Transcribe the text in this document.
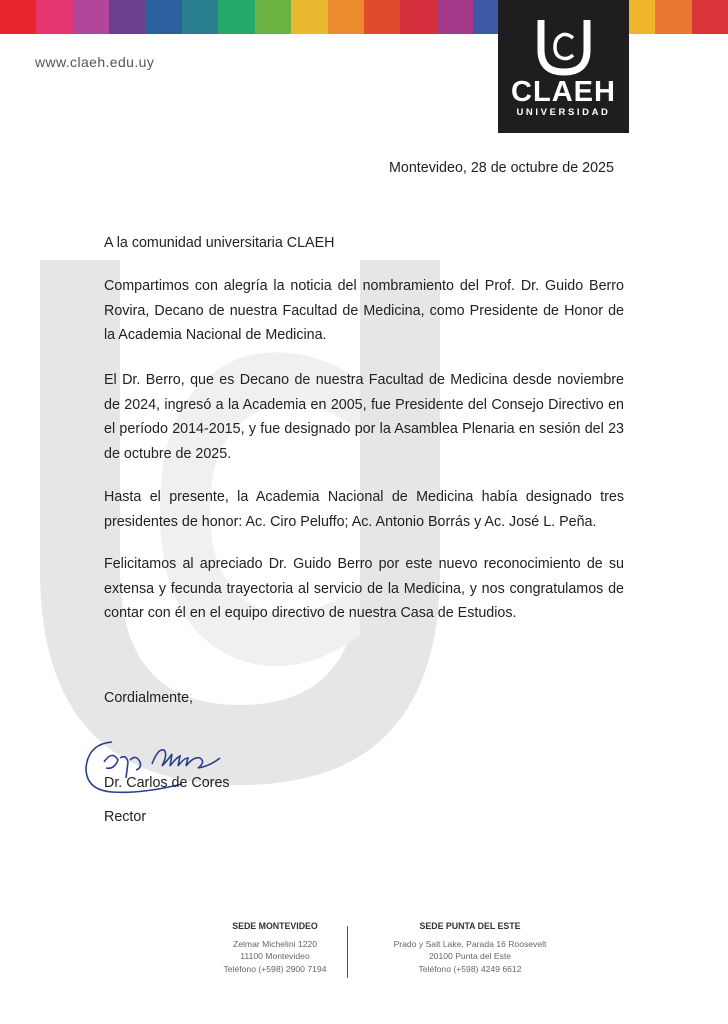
www.claeh.edu.uy
CLAEH
UNIVERSIDAD
Montevideo, 28 de octubre de 2025
A la comunidad universitaria CLAEH
Compartimos con alegría la noticia del nombramiento del Prof. Dr. Guido Berro Rovira, Decano de nuestra Facultad de Medicina, como Presidente de Honor de la Academia Nacional de Medicina.
El Dr. Berro, que es Decano de nuestra Facultad de Medicina desde noviembre de 2024, ingresó a la Academia en 2005, fue Presidente del Consejo Directivo en el período 2014-2015, y fue designado por la Asamblea Plenaria en sesión del 23 de octubre de 2025.
Hasta el presente, la Academia Nacional de Medicina había designado tres presidentes de honor: Ac. Ciro Peluffo; Ac. Antonio Borrás y Ac. José L. Peña.
Felicitamos al apreciado Dr. Guido Berro por este nuevo reconocimiento de su extensa y fecunda trayectoria al servicio de la Medicina, y nos congratulamos de contar con él en el equipo directivo de nuestra Casa de Estudios.
Cordialmente,
Dr. Carlos de Cores
Rector
SEDE MONTEVIDEO
Zelmar Michelini 1220
11100 Montevideo
Teléfono (+598) 2900 7194
SEDE PUNTA DEL ESTE
Prado y Salt Lake, Parada 16 Roosevelt
20100 Punta del Este
Teléfono (+598) 4249 6612
